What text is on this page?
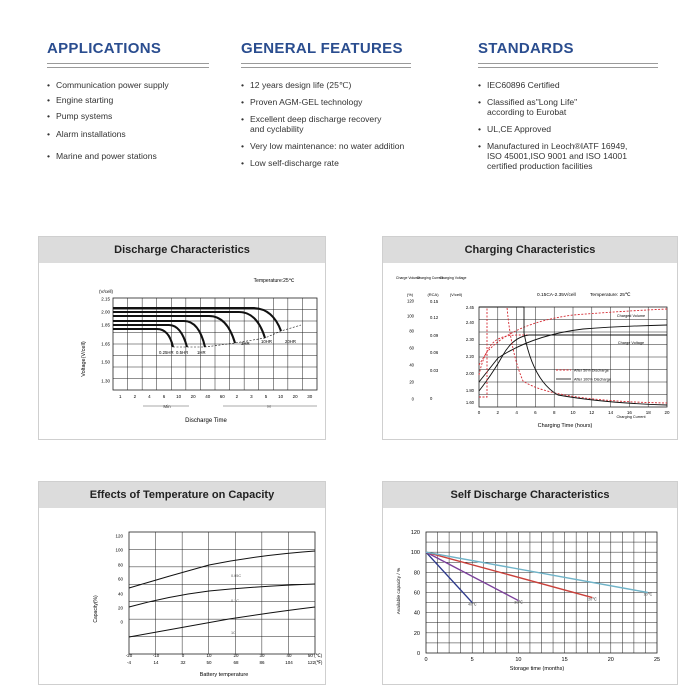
APPLICATIONS
• Communication power supply
• Engine starting
• Pump systems
• Alarm installations
• Marine and power stations
GENERAL FEATURES
• 12 years design life (25℃)
• Proven AGM-GEL technology
• Excellent deep discharge recovery
and cyclability
• Very low maintenance: no water addition
• Low self-discharge rate
STANDARDS
• IEC60896 Certified
• Classified as"Long Life"
according to Eurobat
• UL,CE Approved
• Manufactured in Leoch®IATF 16949,
ISO 45001,ISO 9001 and ISO 14001
certified production facilities
Discharge Characteristics
Temperature:25℃
(V/cell)
Voltage(V/cell)
Discharge Time
Min	H
2.15
2.00
1.85
1.65
1.50
1.30
1	2	4	6 10 20 40 60 2	3	5 10 20 30
0.25HR 0.5HR 1HR
3HR	10HR	20HR
Charging Characteristics
Charge Volume
Charging Current
Charging Voltage
(%)	(RCA)	(V/cell)	0.15CA-2.35V/cell	Temperature: 25℃
Charging Time (hours)
120
100
80
60
40
20
0
0.15
0.12
0.09
0.06
0.03
0
2.45
2.40
2.30
2.20
2.00
1.80
1.60
0	2	4	6	8	10	12	14	16	18	20
Charged Volume
Charge Voltage
Charging Current
After 50% Discharge
After 100% Discharge
Effects of Temperature on Capacity
Capacity(%)
Battery temperature
120
100
80
60
40
20
0
-20	-10	0	10	20	30	40	50 (℃)
-4	14	32	50	68	86	104	122(℉)
0.05C
0.1C
1C
Self Discharge Characteristics
Available capacity / %
Storage time (months)
120
100
80
60
40
20
0
0	5	10	15	20	25
40℃
30℃
20℃
10℃
